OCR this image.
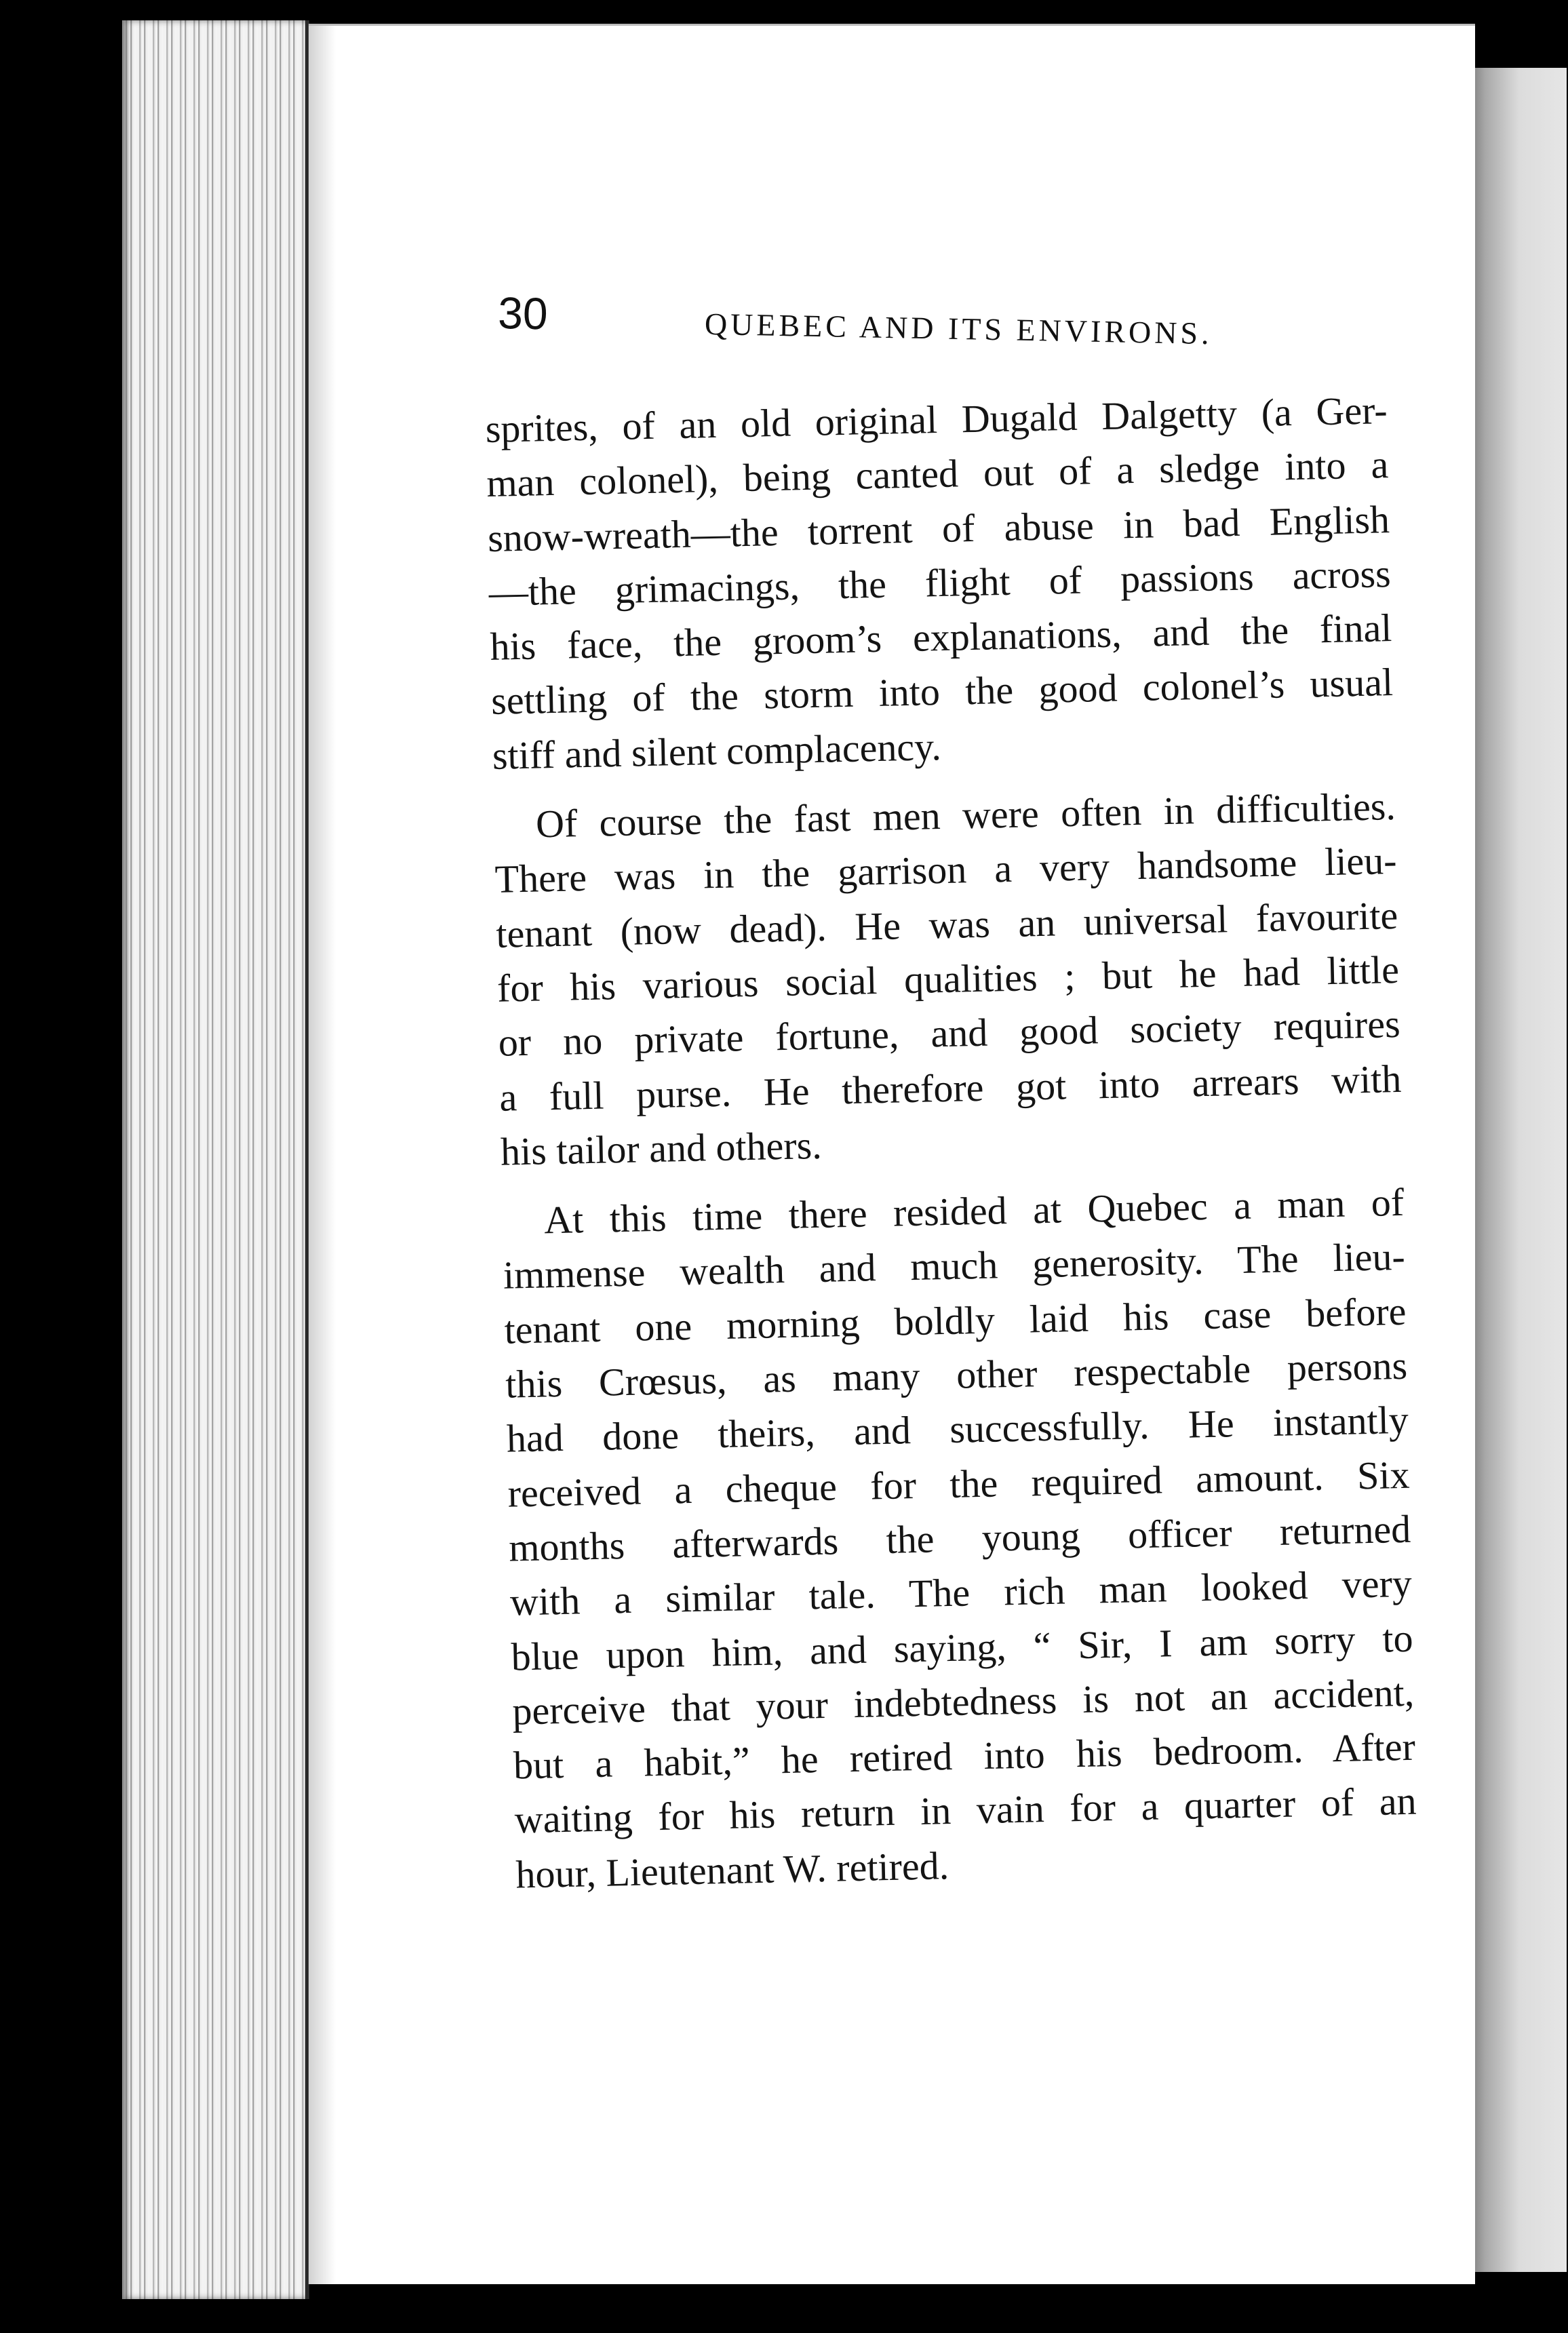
30	QUEBEC AND ITS ENVIRONS.
sprites, of an old original Dugald Dalgetty (a Ger-
man colonel), being canted out of a sledge into a
snow-wreath—the torrent of abuse in bad English
—the grimacings, the flight of passions across
his face, the groom’s explanations, and the final
settling of the storm into the good colonel’s usual
stiff and silent complacency.
Of course the fast men were often in difficulties.
There was in the garrison a very handsome lieu-
tenant (now dead). He was an universal favourite
for his various social qualities ; but he had little
or no private fortune, and good society requires
a full purse. He therefore got into arrears with
his tailor and others.
At this time there resided at Quebec a man of
immense wealth and much generosity. The lieu-
tenant one morning boldly laid his case before
this Crœsus, as many other respectable persons
had done theirs, and successfully. He instantly
received a cheque for the required amount. Six
months afterwards the young officer returned
with a similar tale. The rich man looked very
blue upon him, and saying, “ Sir, I am sorry to
perceive that your indebtedness is not an accident,
but a habit,” he retired into his bedroom. After
waiting for his return in vain for a quarter of an
hour, Lieutenant W. retired.
